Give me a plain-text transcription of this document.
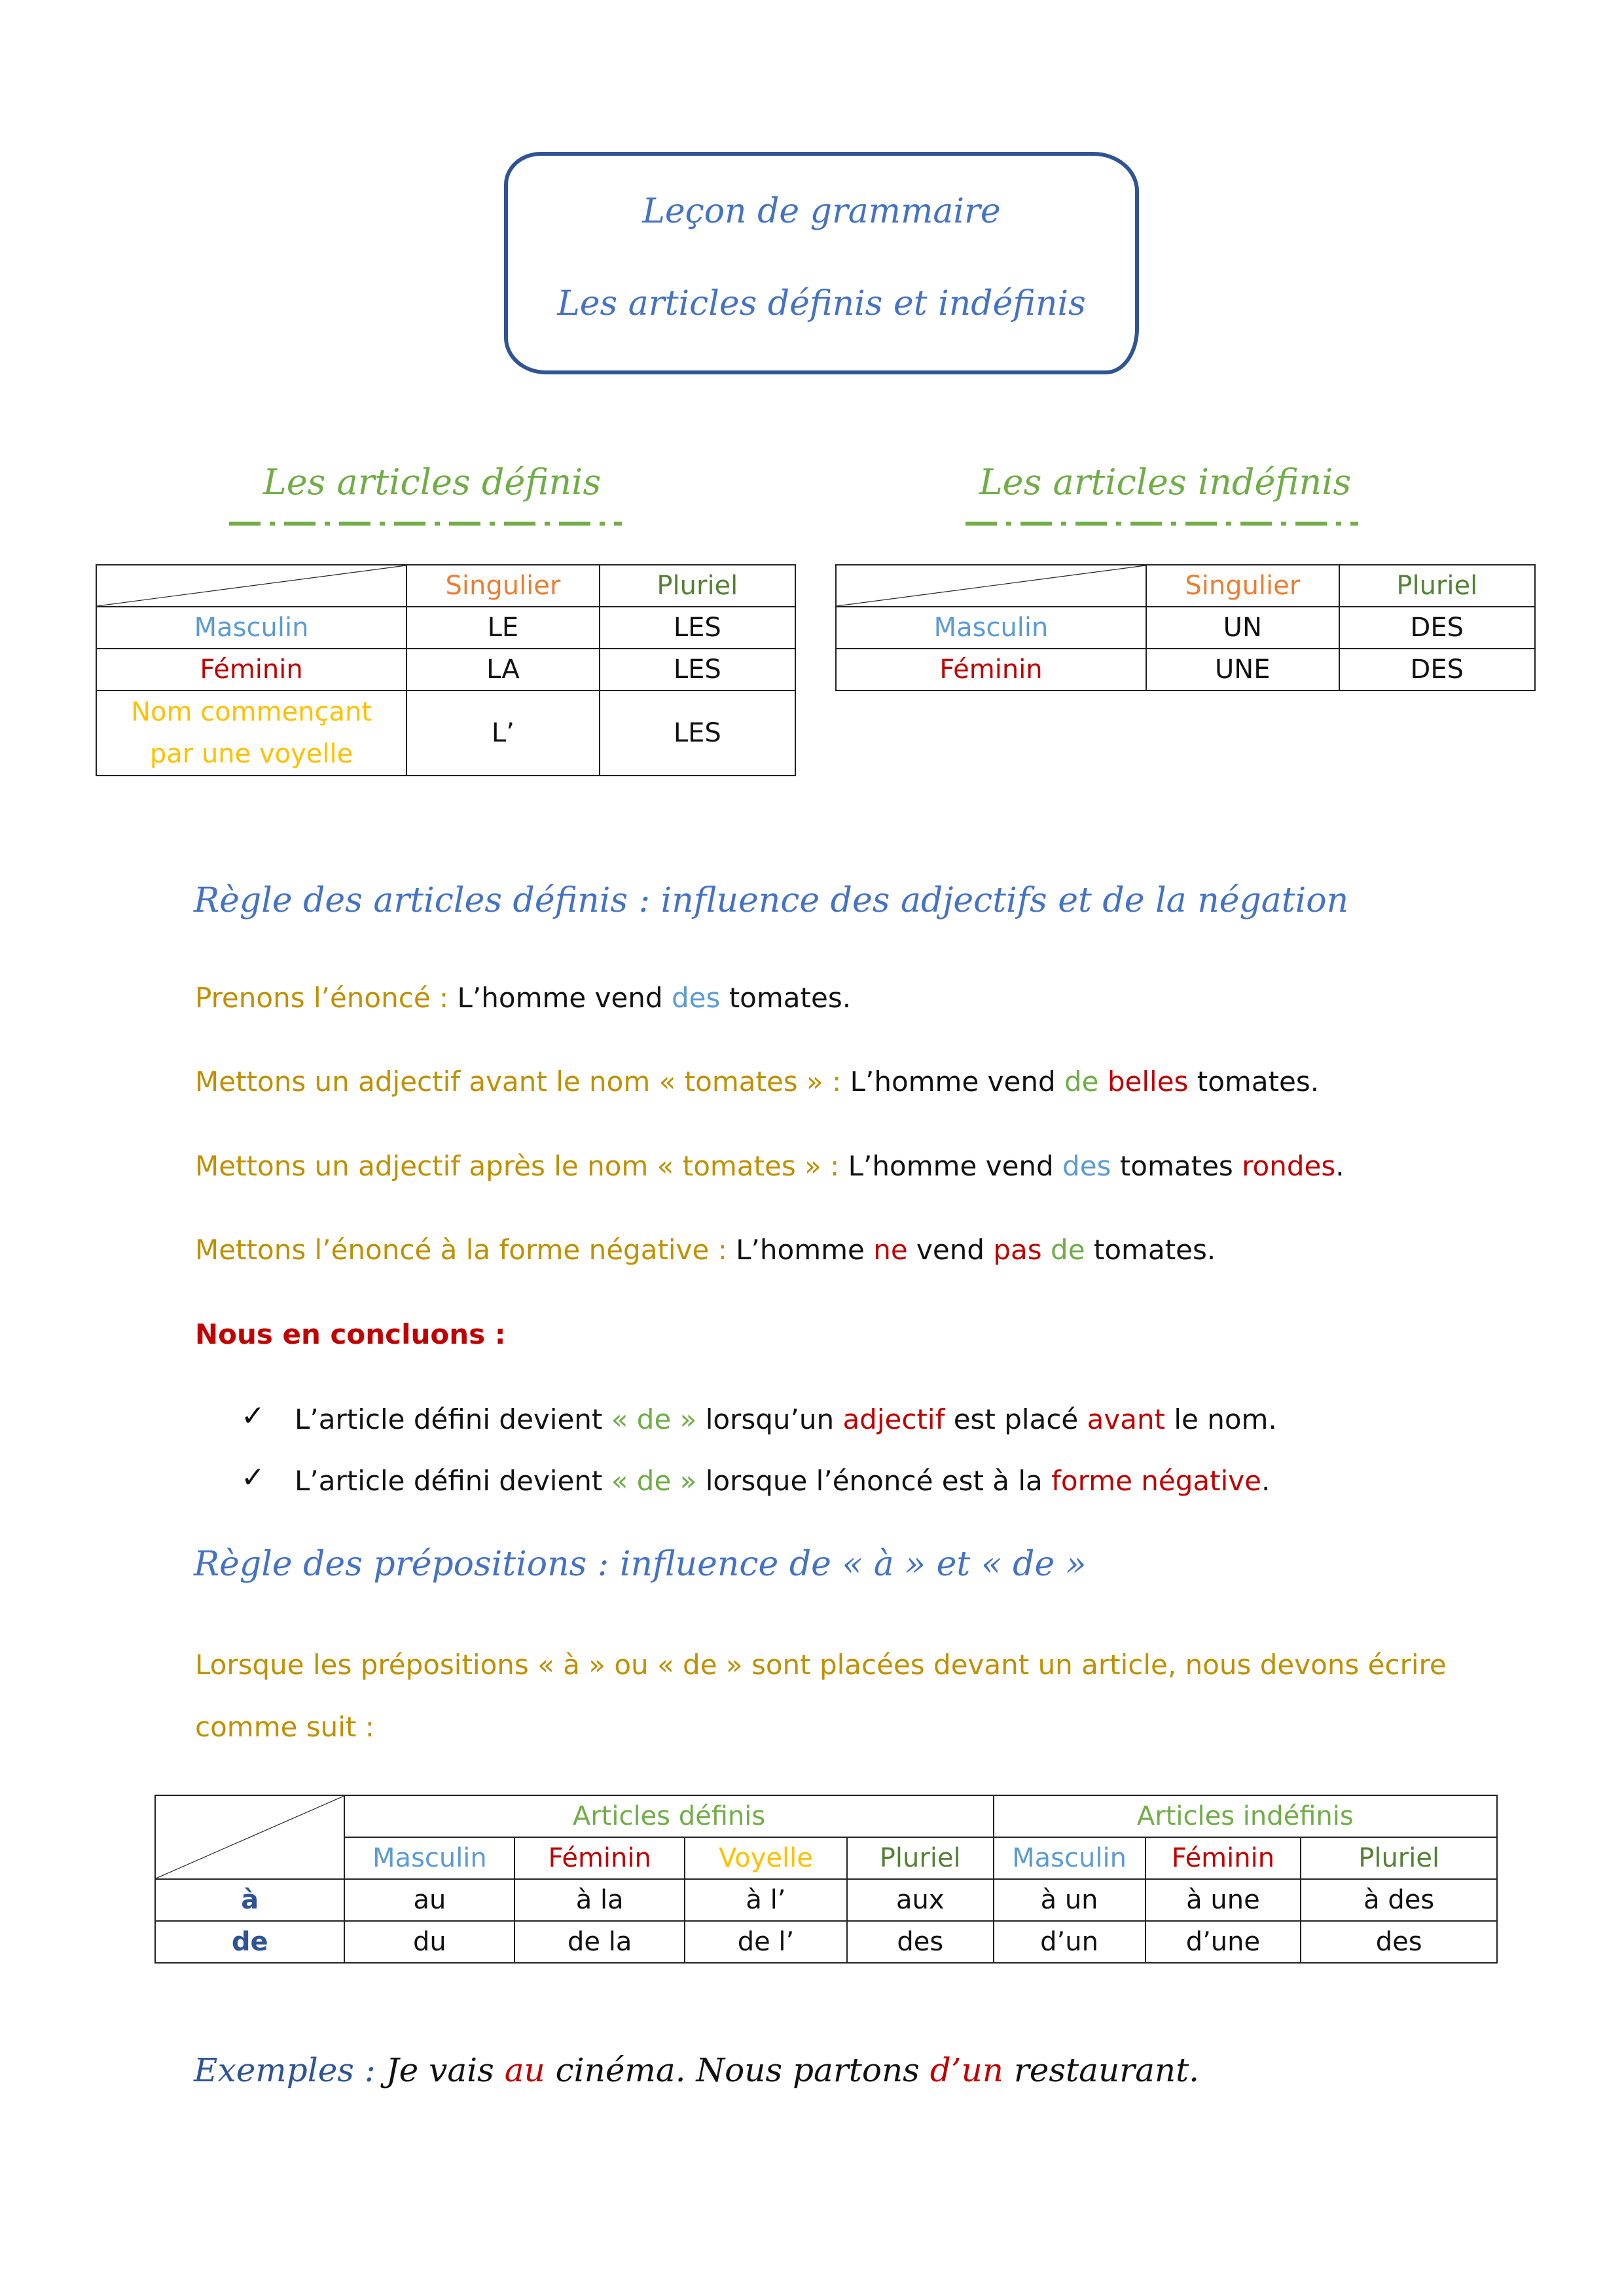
Leçon de grammaire
Les articles définis et indéfinis
Les articles définis	Les articles indéfinis
	Singulier	Pluriel
Masculin	LE	LES
Féminin	LA	LES
Nom commençant
par une voyelle	L’	LES
	Singulier	Pluriel
Masculin	UN	DES
Féminin	UNE	DES
Règle des articles définis : influence des adjectifs et de la négation
Prenons l’énoncé : L’homme vend des tomates.
Mettons un adjectif avant le nom « tomates » : L’homme vend de belles tomates.
Mettons un adjectif après le nom « tomates » : L’homme vend des tomates rondes.
Mettons l’énoncé à la forme négative : L’homme ne vend pas de tomates.
Nous en concluons :
✓ L’article défini devient « de » lorsqu’un adjectif est placé avant le nom.
✓ L’article défini devient « de » lorsque l’énoncé est à la forme négative.
Règle des prépositions : influence de « à » et « de »
Lorsque les prépositions « à » ou « de » sont placées devant un article, nous devons écrire
comme suit :
	Articles définis				Articles indéfinis		
	Masculin	Féminin	Voyelle	Pluriel	Masculin	Féminin	Pluriel
à	au	à la	à l’	aux	à un	à une	à des
de	du	de la	de l’	des	d’un	d’une	des
Exemples : Je vais au cinéma. Nous partons d’un restaurant.
